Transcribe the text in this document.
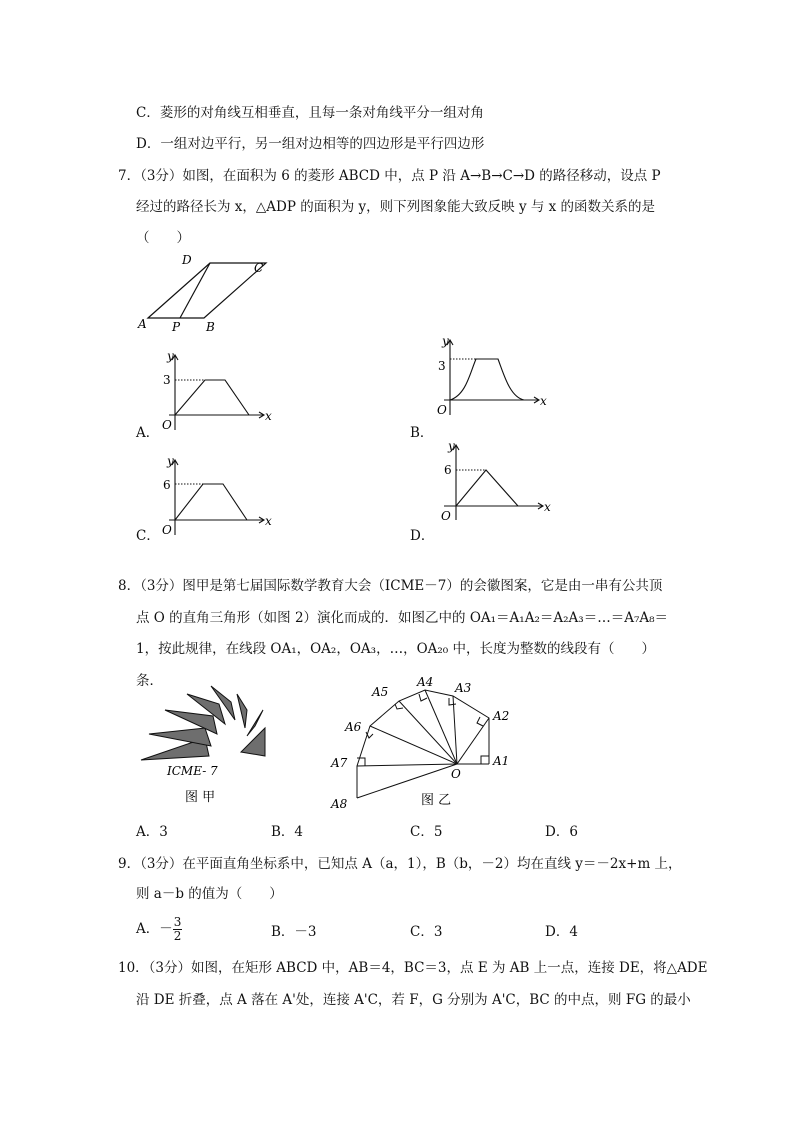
C．菱形的对角线互相垂直，且每一条对角线平分一组对角
D．一组对边平行，另一组对边相等的四边形是平行四边形
7．（3分）如图，在面积为 6 的菱形 ABCD 中，点 P 沿 A→B→C→D 的路径移动，设点 P
经过的路径长为 x，△ADP 的面积为 y，则下列图象能大致反映 y 与 x 的函数关系的是
（　　）
D
C
A P B
A．
y
x
O
3
B．
y
x
O
3
C．
y
x
O
6
D．
y
x
O
6
8．（3分）图甲是第七届国际数学教育大会（ICME－7）的会徽图案，它是由一串有公共顶
点 O 的直角三角形（如图 2）演化而成的．如图乙中的 OA₁＝A₁A₂＝A₂A₃＝…＝A₇A₈＝
1，按此规律，在线段 OA₁，OA₂，OA₃，…，OA₂₀ 中，长度为整数的线段有（　　）
条．
ICME- 7
图 甲
A1
A2
A3
A4
A5
A6
A7
A8
O
图 乙
A．3	B．4	C．5	D．6
9．（3分）在平面直角坐标系中，已知点 A（a，1），B（b，－2）均在直线 y＝－2x+m 上，
则 a－b 的值为（　　）
A．－ $\frac{3}{2}$	B．－3	C．3	D．4
10．（3分）如图，在矩形 ABCD 中，AB＝4，BC＝3，点 E 为 AB 上一点，连接 DE，将△ADE
沿 DE 折叠，点 A 落在 A'处，连接 A'C，若 F，G 分别为 A'C，BC 的中点，则 FG 的最小
